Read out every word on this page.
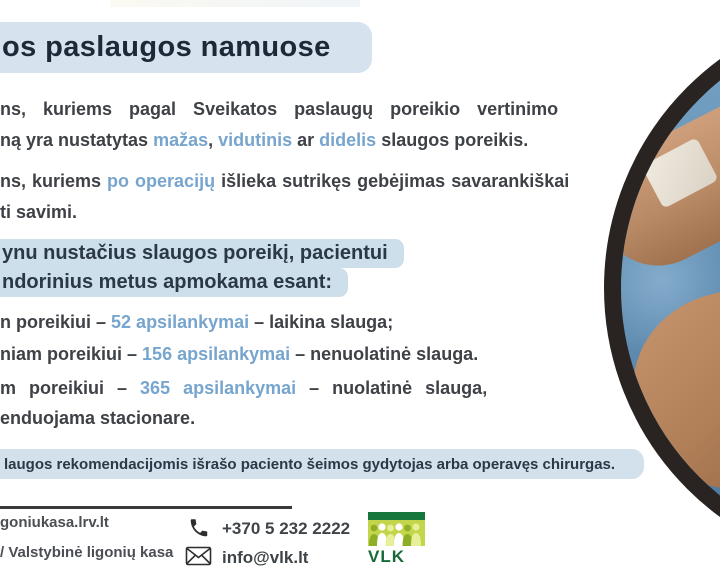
os paslaugos namuose
ns, kuriems pagal Sveikatos paslaugų poreikio vertinimo
ną yra nustatytas mažas, vidutinis ar didelis slaugos poreikis.
ns, kuriems po operacijų išlieka sutrikęs gebėjimas savarankiškai
ti savimi.
ynu nustačius slaugos poreikį, pacientui
ndorinius metus apmokama esant:
n poreikiui – 52 apsilankymai – laikina slauga;
niam poreikiui – 156 apsilankymai – nenuolatinė slauga.
m poreikiui – 365 apsilankymai – nuolatinė slauga,
enduojama stacionare.
laugos rekomendacijomis išrašo paciento šeimos gydytojas arba operavęs chirurgas.
goniukasa.lrv.lt
/ Valstybinė ligonių kasa
+370 5 232 2222
info@vlk.lt	VLK
